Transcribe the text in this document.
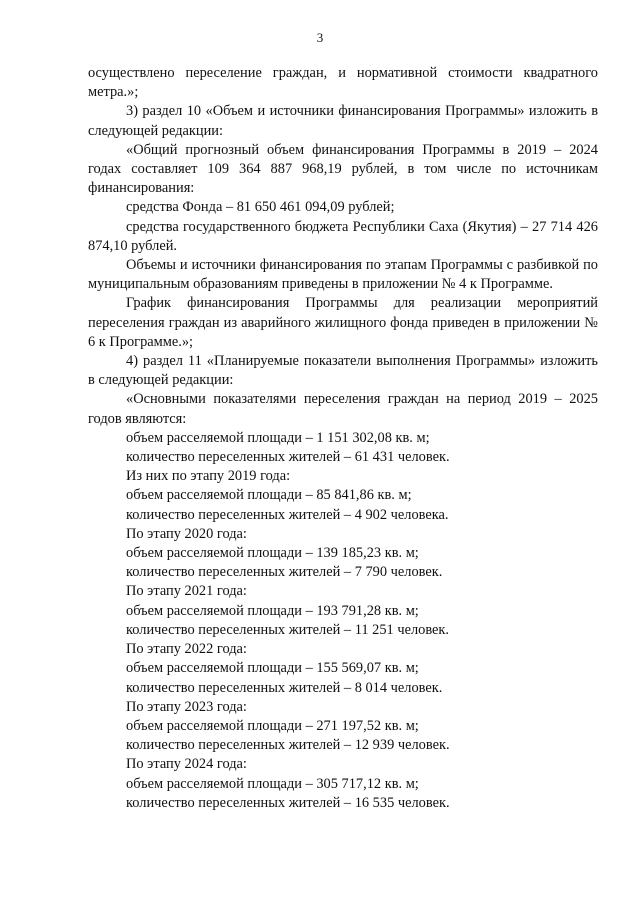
3

осуществлено переселение граждан, и нормативной стоимости квадратного метра.»;

3) раздел 10 «Объем и источники финансирования Программы» изложить в следующей редакции:

«Общий прогнозный объем финансирования Программы в 2019 – 2024 годах составляет 109 364 887 968,19 рублей, в том числе по источникам финансирования:

средства Фонда – 81 650 461 094,09 рублей;

средства государственного бюджета Республики Саха (Якутия) – 27 714 426 874,10 рублей.

Объемы и источники финансирования по этапам Программы с разбивкой по муниципальным образованиям приведены в приложении № 4 к Программе.

График финансирования Программы для реализации мероприятий переселения граждан из аварийного жилищного фонда приведен в приложении № 6 к Программе.»;

4) раздел 11 «Планируемые показатели выполнения Программы» изложить в следующей редакции:

«Основными показателями переселения граждан на период 2019 – 2025 годов являются:

объем расселяемой площади – 1 151 302,08 кв. м;

количество переселенных жителей – 61 431 человек.

Из них по этапу 2019 года:

объем расселяемой площади – 85 841,86 кв. м;

количество переселенных жителей – 4 902 человека.

По этапу 2020 года:

объем расселяемой площади – 139 185,23 кв. м;

количество переселенных жителей – 7 790 человек.

По этапу 2021 года:

объем расселяемой площади – 193 791,28 кв. м;

количество переселенных жителей – 11 251 человек.

По этапу 2022 года:

объем расселяемой площади – 155 569,07 кв. м;

количество переселенных жителей – 8 014 человек.

По этапу 2023 года:

объем расселяемой площади – 271 197,52 кв. м;

количество переселенных жителей – 12 939 человек.

По этапу 2024 года:

объем расселяемой площади – 305 717,12 кв. м;

количество переселенных жителей – 16 535 человек.
